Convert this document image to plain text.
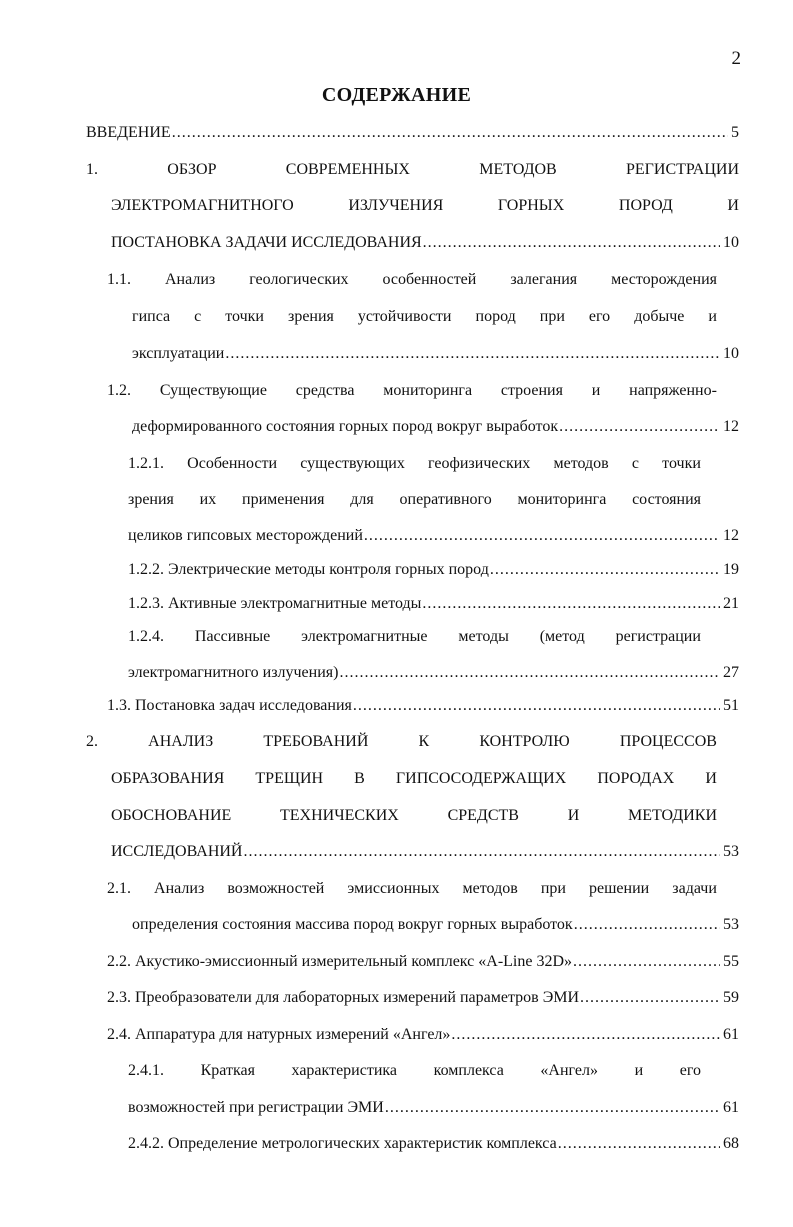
2
СОДЕРЖАНИЕ
ВВЕДЕНИЕ .....	5
1.	ОБЗОР	СОВРЕМЕННЫХ	МЕТОДОВ	РЕГИСТРАЦИИ
ЭЛЕКТРОМАГНИТНОГО	ИЗЛУЧЕНИЯ	ГОРНЫХ	ПОРОД	И
ПОСТАНОВКА ЗАДАЧИ ИССЛЕДОВАНИЯ .....	10
1.1. Анализ геологических особенностей залегания месторождения
гипса с точки зрения устойчивости пород при его добыче и
эксплуатации .....	10
1.2. Существующие средства мониторинга строения и напряженно-
деформированного состояния горных пород вокруг выработок .....	12
1.2.1. Особенности существующих геофизических методов с точки
зрения их применения для оперативного мониторинга состояния
целиков гипсовых месторождений .....	12
1.2.2. Электрические методы контроля горных пород .....	19
1.2.3. Активные электромагнитные методы .....	21
1.2.4. Пассивные электромагнитные методы (метод регистрации
электромагнитного излучения) .....	27
1.3. Постановка задач исследования .....	51
2.	АНАЛИЗ	ТРЕБОВАНИЙ	К	КОНТРОЛЮ	ПРОЦЕССОВ
ОБРАЗОВАНИЯ ТРЕЩИН В ГИПСОСОДЕРЖАЩИХ ПОРОДАХ И
ОБОСНОВАНИЕ	ТЕХНИЧЕСКИХ	СРЕДСТВ	И	МЕТОДИКИ
ИССЛЕДОВАНИЙ .....	53
2.1. Анализ возможностей эмиссионных методов при решении задачи
определения состояния массива пород вокруг горных выработок .....	53
2.2. Акустико-эмиссионный измерительный комплекс «A-Line 32D» .....	55
2.3. Преобразователи для лабораторных измерений параметров ЭМИ .....	59
2.4. Аппаратура для натурных измерений «Ангел» .....	61
2.4.1. Краткая характеристика комплекса «Ангел» и его
возможностей при регистрации ЭМИ .....	61
2.4.2. Определение метрологических характеристик комплекса .....	68
